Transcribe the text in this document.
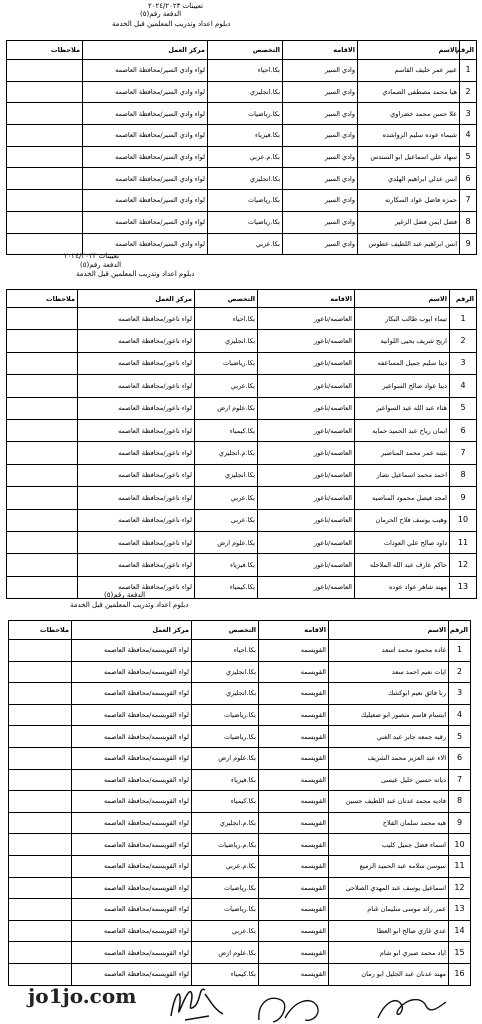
تعيينات ٢٠٢٤/٢٠٢٣
الدفعة رقم(٥)
دبلوم اعداد وتدريب المعلمين قبل الخدمة
الرقم	الاسم	الاقامه	التخصص	مركز العمل	ملاحظات
1	عبير عمر خليف القاسم	وادي السير	بكا.احياء	لواء وادي السير/محافظة العاصمه	
2	هيا محمد مصطفى الصمادي	وادي السير	بكا.انجليزي	لواء وادي السير/محافظة العاصمه	
3	علا حسن محمد خضراوي	وادي السير	بكا.رياضيات	لواء وادي السير/محافظة العاصمه	
4	شيماء عوده سليم الرواشده	وادي السير	بكا.فيزياء	لواء وادي السير/محافظة العاصمه	
5	سهاد علي اسماعيل ابو السندس	وادي السير	بكا.م.عربي	لواء وادي السير/محافظة العاصمه	
6	انس عدلي ابراهيم الهلدي	وادي السير	بكا.انجليزي	لواء وادي السير/محافظة العاصمه	
7	حمزه فاضل عواد السكارنه	وادي السير	بكا.رياضيات	لواء وادي السير/محافظة العاصمه	
8	فضل ايمن فضل الزغير	وادي السير	بكا.رياضيات	لواء وادي السير/محافظة العاصمه	
9	انس ابراهيم عبد اللطيف عطوس	وادي السير	بكا.عربي	لواء وادي السير/محافظة العاصمه	
تعيينات ٢٠٢٤/٢٠٢٣
الدفعة رقم(٥)
دبلوم اعداد وتدريب المعلمين قبل الخدمة
الرقم	الاسم	الاقامه	التخصص	مركز العمل	ملاحظات
1	تيماء ايوب طالب البكار	العاصمه/ناعور	بكا.احياء	لواء ناعور/محافظة العاصمه	
2	اريج شريف يحيى اللوانيه	العاصمه/ناعور	بكا.انجليزي	لواء ناعور/محافظة العاصمه	
3	دينا سليم جميل المساعفه	العاصمه/ناعور	بكا.رياضيات	لواء ناعور/محافظة العاصمه	
4	دينا عواد صالح السواعير	العاصمه/ناعور	بكا.عربي	لواء ناعور/محافظة العاصمه	
5	هناء عبد الله عيد السواعير	العاصمه/ناعور	بكا.علوم ارض	لواء ناعور/محافظة العاصمه	
6	ايمان رياح عبد الحميد حمايه	العاصمه/ناعور	بكا.كيمياء	لواء ناعور/محافظة العاصمه	
7	بثينه عمر محمد المناصير	العاصمه/ناعور	بكا.م.انجليزي	لواء ناعور/محافظة العاصمه	
8	احمد محمد اسماعيل نصار	العاصمه/ناعور	بكا.انجليزي	لواء ناعور/محافظة العاصمه	
9	امجد فيصل محمود المناصيه	العاصمه/ناعور	بكا.عربي	لواء ناعور/محافظة العاصمه	
10	وهيب يوسف فلاح الحرمان	العاصمه/ناعور	بكا.عربي	لواء ناعور/محافظة العاصمه	
11	داود صالح علي العودات	العاصمه/ناعور	بكا.علوم ارض	لواء ناعور/محافظة العاصمه	
12	حاكم عارف عبد الله الملاحله	العاصمه/ناعور	بكا.فيزياء	لواء ناعور/محافظة العاصمه	
13	مهند شاهر عواد عوده	العاصمه/ناعور	بكا.كيمياء	لواء ناعور/محافظة العاصمه	
الدفعة رقم(٥)
دبلوم اعداد وتدريب المعلمين قبل الخدمة
الرقم	الاسم	الاقامه	التخصص	مركز العمل	ملاحظات
1	غاده محمود محمد اسعد	القويسمه	بكا.احياء	لواء القويسمه/محافظة العاصمه	
2	ايات نعيم احمد سعد	القويسمه	بكا.انجليزي	لواء القويسمه/محافظة العاصمه	
3	رنا فائق نعيم ابوكشك	القويسمه	بكا.انجليزي	لواء القويسمه/محافظة العاصمه	
4	ابتسام قاسم منصور ابو صعيليك	القويسمه	بكا.رياضيات	لواء القويسمه/محافظة العاصمه	
5	رقيه جمعه جابر عبد الغني	القويسمه	بكا.رياضيات	لواء القويسمه/محافظة العاصمه	
6	الاء عبد العزيز محمد الشريف	القويسمه	بكا.علوم ارض	لواء القويسمه/محافظة العاصمه	
7	ديانه حسين خليل عيسى	القويسمه	بكا.فيزياء	لواء القويسمه/محافظة العاصمه	
8	فاديه محمد عدنان عبد اللطيف حسين	القويسمه	بكا.كيمياء	لواء القويسمه/محافظة العاصمه	
9	هبه محمد سلمان الفلاح	القويسمه	بكا.م.انجليزي	لواء القويسمه/محافظة العاصمه	
10	اسماء فضل جميل كليب	القويسمه	بكا.م.رياضيات	لواء القويسمه/محافظة العاصمه	
11	سوسن سلامه عبد الحميد الزميع	القويسمه	بكا.م.عربي	لواء القويسمه/محافظة العاصمه	
12	اسماعيل يوسف عبد المهدي الصلاحي	القويسمه	بكا.رياضيات	لواء القويسمه/محافظة العاصمه	
13	عمر رائد موسى سليمان غنام	القويسمه	بكا.رياضيات	لواء القويسمه/محافظة العاصمه	
14	عدي غازي صالح ابو العطا	القويسمه	بكا.عربي	لواء القويسمه/محافظة العاصمه	
15	اياد محمد صبري ابو شام	القويسمه	بكا.علوم ارض	لواء القويسمه/محافظة العاصمه	
16	مهند عدنان عبد الجليل ابو رمان	القويسمه	بكا.كيمياء	لواء القويسمه/محافظة العاصمه	
jo1jo.com
